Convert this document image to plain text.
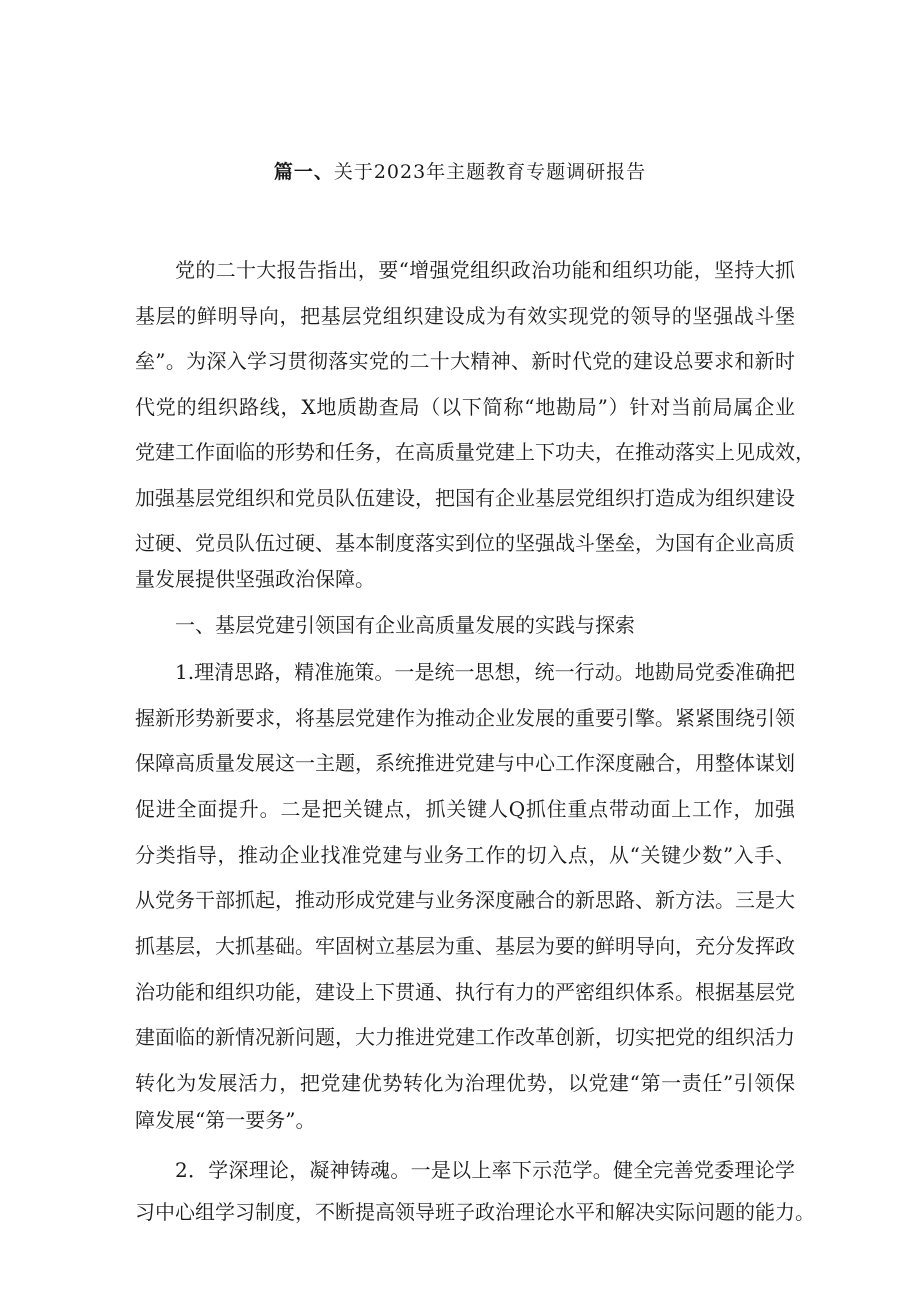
篇一、关于2023年主题教育专题调研报告
党的二十大报告指出，要“增强党组织政治功能和组织功能，坚持大抓
基层的鲜明导向，把基层党组织建设成为有效实现党的领导的坚强战斗堡
垒”。为深入学习贯彻落实党的二十大精神、新时代党的建设总要求和新时
代党的组织路线，X地质勘查局（以下简称“地勘局”）针对当前局属企业
党建工作面临的形势和任务，在高质量党建上下功夫，在推动落实上见成效，
加强基层党组织和党员队伍建设，把国有企业基层党组织打造成为组织建设
过硬、党员队伍过硬、基本制度落实到位的坚强战斗堡垒，为国有企业高质
量发展提供坚强政治保障。
一、基层党建引领国有企业高质量发展的实践与探索
1.理清思路，精准施策。一是统一思想，统一行动。地勘局党委准确把
握新形势新要求，将基层党建作为推动企业发展的重要引擎。紧紧围绕引领
保障高质量发展这一主题，系统推进党建与中心工作深度融合，用整体谋划
促进全面提升。二是把关键点，抓关键人Q抓住重点带动面上工作，加强
分类指导，推动企业找准党建与业务工作的切入点，从“关键少数”入手、
从党务干部抓起，推动形成党建与业务深度融合的新思路、新方法。三是大
抓基层，大抓基础。牢固树立基层为重、基层为要的鲜明导向，充分发挥政
治功能和组织功能，建设上下贯通、执行有力的严密组织体系。根据基层党
建面临的新情况新问题，大力推进党建工作改革创新，切实把党的组织活力
转化为发展活力，把党建优势转化为治理优势，以党建“第一责任”引领保
障发展“第一要务”。
2．学深理论，凝神铸魂。一是以上率下示范学。健全完善党委理论学
习中心组学习制度，不断提高领导班子政治理论水平和解决实际问题的能力。
